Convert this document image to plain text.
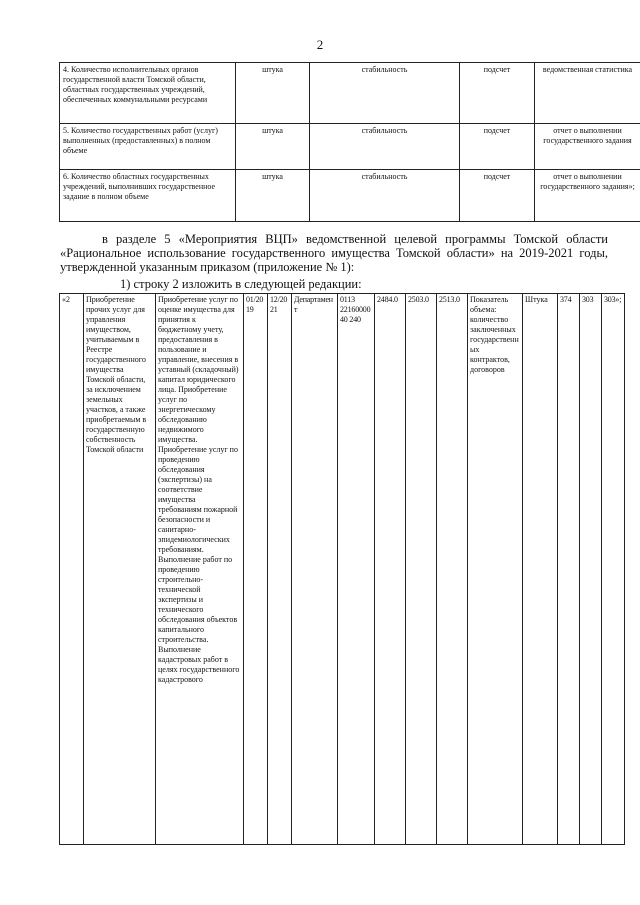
2
4. Количество исполнительных органов государственной власти Томской области, областных государственных учреждений, обеспеченных коммунальными ресурсами	штука	стабильность	подсчет	ведомственная статистика
5. Количество государственных работ (услуг) выполненных (предоставленных) в полном объеме	штука	стабильность	подсчет	отчет о выполнении государственного задания
6. Количество областных государственных учреждений, выполнивших государственное задание в полном объеме	штука	стабильность	подсчет	отчет о выполнении государственного задания»;
в разделе 5 «Мероприятия ВЦП» ведомственной целевой программы Томской области «Рациональное использование государственного имущества Томской области» на 2019-2021 годы, утвержденной указанным приказом (приложение № 1):
1) строку 2 изложить в следующей редакции:
«2	Приобретение прочих услуг для управления имуществом, учитываемым в Реестре государственного имущества Томской области, за исключением земельных участков, а также приобретаемым в государственную собственность Томской области	Приобретение услуг по оценке имущества для принятия к бюджетному учету, предоставления в пользование и управление, внесения в уставный (складочный) капитал юридического лица. Приобретение услуг по энергетическому обследованию недвижимого имущества. Приобретение услуг по проведению обследования (экспертизы) на соответствие имущества требованиям пожарной безопасности и санитарно-эпидемиологических требованиям. Выполнение работ по проведению строительно-технической экспертизы и технического обследования объектов капитального строительства. Выполнение кадастровых работ в целях государственного кадастрового	01/2019	12/2021	Департамент	0113 2216000040 240	2484.0	2503.0	2513.0	Показатель объема: количество заключенных государственных контрактов, договоров	Штука	374	303	303»;
